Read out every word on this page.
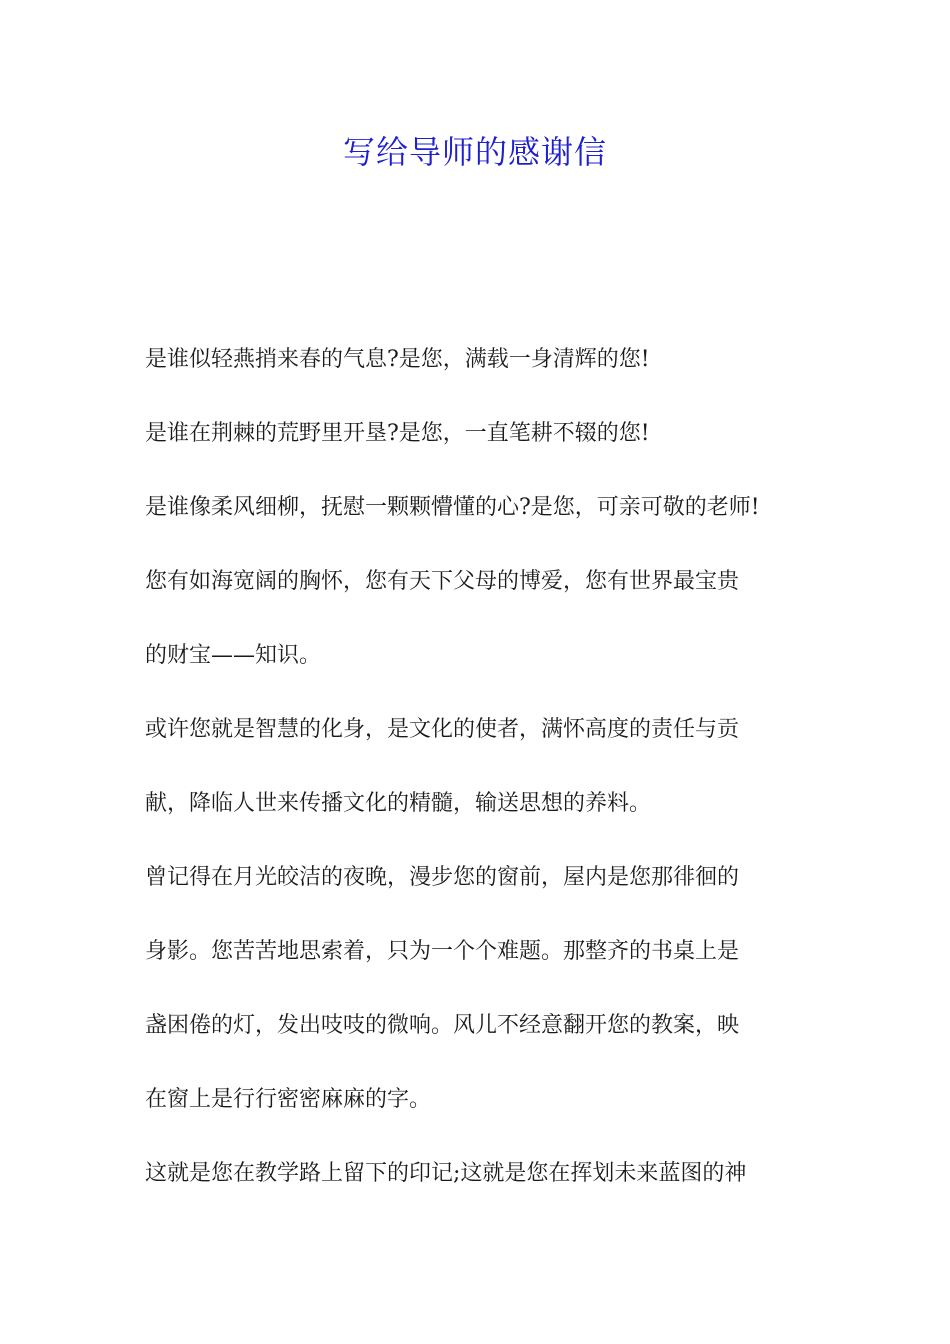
写给导师的感谢信
是谁似轻燕捎来春的气息?是您，满载一身清辉的您!
是谁在荆棘的荒野里开垦?是您，一直笔耕不辍的您!
是谁像柔风细柳，抚慰一颗颗懵懂的心?是您，可亲可敬的老师!
您有如海宽阔的胸怀，您有天下父母的博爱，您有世界最宝贵
的财宝——知识。
或许您就是智慧的化身，是文化的使者，满怀高度的责任与贡
献，降临人世来传播文化的精髓，输送思想的养料。
曾记得在月光皎洁的夜晚，漫步您的窗前，屋内是您那徘徊的
身影。您苦苦地思索着，只为一个个难题。那整齐的书桌上是
盏困倦的灯，发出吱吱的微响。风儿不经意翻开您的教案，映
在窗上是行行密密麻麻的字。
这就是您在教学路上留下的印记;这就是您在挥划未来蓝图的神
